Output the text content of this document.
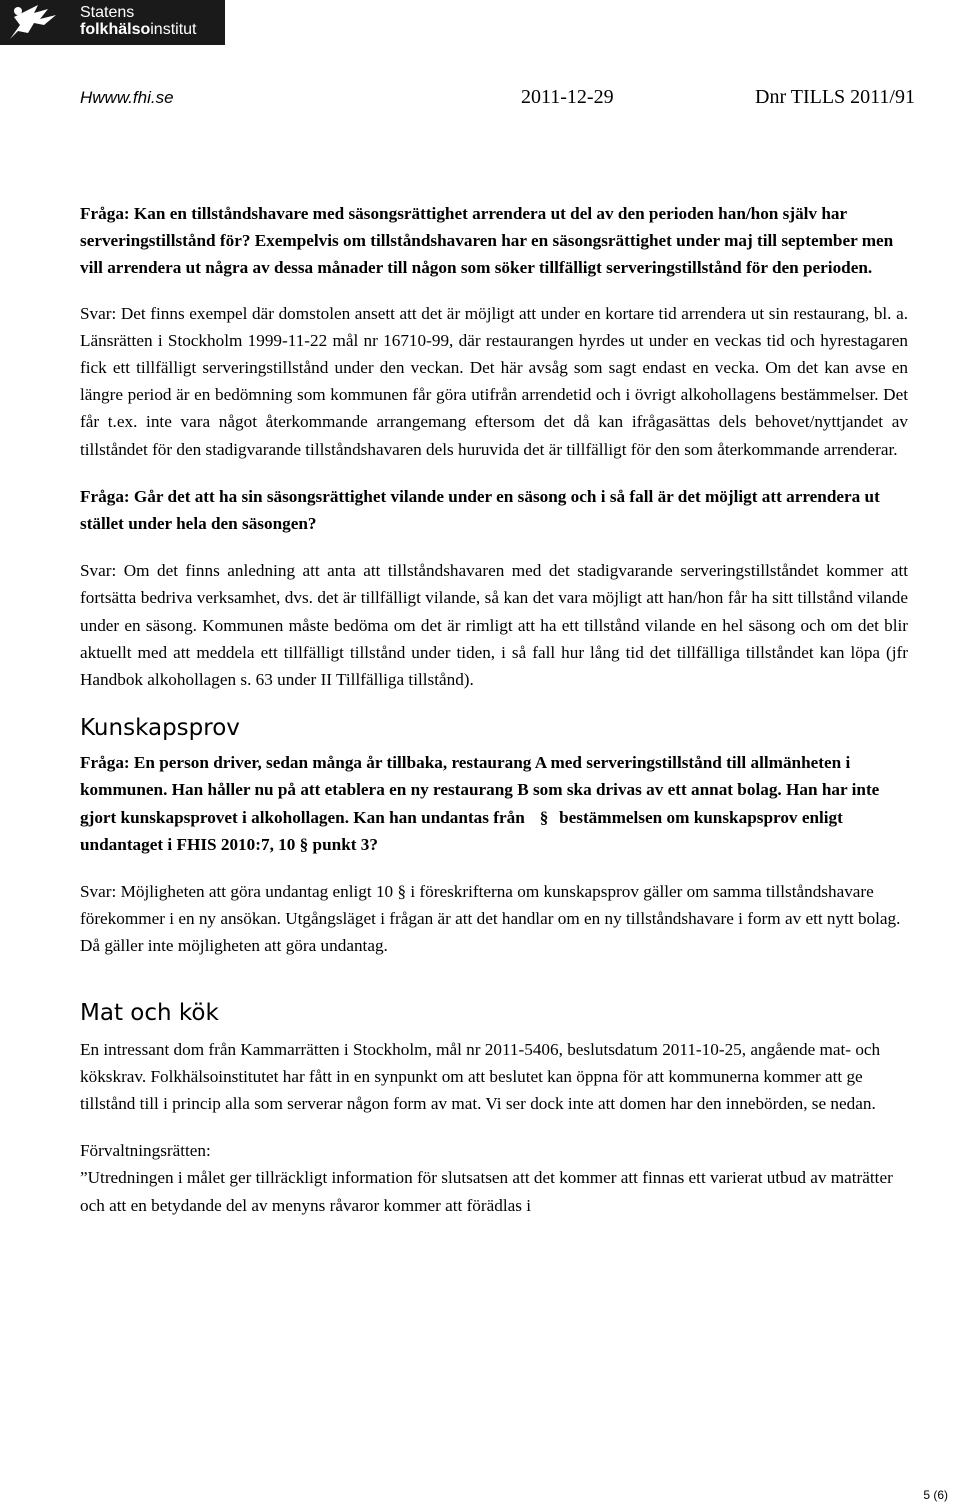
Statens
folkhälsoinstitut
Hwww.fhi.se	2011-12-29	Dnr TILLS 2011/91

Fråga: Kan en tillståndshavare med säsongsrättighet arrendera ut del av den perioden han/hon själv har serveringstillstånd för? Exempelvis om tillståndshavaren har en säsongsrättighet under maj till september men vill arrendera ut några av dessa månader till någon som söker tillfälligt serveringstillstånd för den perioden.

Svar: Det finns exempel där domstolen ansett att det är möjligt att under en kortare tid arrendera ut sin restaurang, bl. a. Länsrätten i Stockholm 1999-11-22 mål nr 16710-99, där restaurangen hyrdes ut under en veckas tid och hyrestagaren fick ett tillfälligt serveringstillstånd under den veckan. Det här avsåg som sagt endast en vecka. Om det kan avse en längre period är en bedömning som kommunen får göra utifrån arrendetid och i övrigt alkohollagens bestämmelser. Det får t.ex. inte vara något återkommande arrangemang eftersom det då kan ifrågasättas dels behovet/nyttjandet av tillståndet för den stadigvarande tillståndshavaren dels huruvida det är tillfälligt för den som återkommande arrenderar.

Fråga: Går det att ha sin säsongsrättighet vilande under en säsong och i så fall är det möjligt att arrendera ut stället under hela den säsongen?

Svar: Om det finns anledning att anta att tillståndshavaren med det stadigvarande serveringstillståndet kommer att fortsätta bedriva verksamhet, dvs. det är tillfälligt vilande, så kan det vara möjligt att han/hon får ha sitt tillstånd vilande under en säsong. Kommunen måste bedöma om det är rimligt att ha ett tillstånd vilande en hel säsong och om det blir aktuellt med att meddela ett tillfälligt tillstånd under tiden, i så fall hur lång tid det tillfälliga tillståndet kan löpa (jfr Handbok alkohollagen s. 63 under II Tillfälliga tillstånd).

Kunskapsprov

Fråga: En person driver, sedan många år tillbaka, restaurang A med serveringstillstånd till allmänheten i kommunen. Han håller nu på att etablera en ny restaurang B som ska drivas av ett annat bolag. Han har inte gjort kunskapsprovet i alkohollagen. Kan han undantas från § bestämmelsen om kunskapsprov enligt undantaget i FHIS 2010:7, 10 § punkt 3?

Svar: Möjligheten att göra undantag enligt 10 § i föreskrifterna om kunskapsprov gäller om samma tillståndshavare förekommer i en ny ansökan. Utgångsläget i frågan är att det handlar om en ny tillståndshavare i form av ett nytt bolag. Då gäller inte möjligheten att göra undantag.

Mat och kök

En intressant dom från Kammarrätten i Stockholm, mål nr 2011-5406, beslutsdatum 2011-10-25, angående mat- och kökskrav. Folkhälsoinstitutet har fått in en synpunkt om att beslutet kan öppna för att kommunerna kommer att ge tillstånd till i princip alla som serverar någon form av mat. Vi ser dock inte att domen har den innebörden, se nedan.

Förvaltningsrätten:

”Utredningen i målet ger tillräckligt information för slutsatsen att det kommer att finnas ett varierat utbud av maträtter och att en betydande del av menyns råvaror kommer att förädlas i

5 (6)
